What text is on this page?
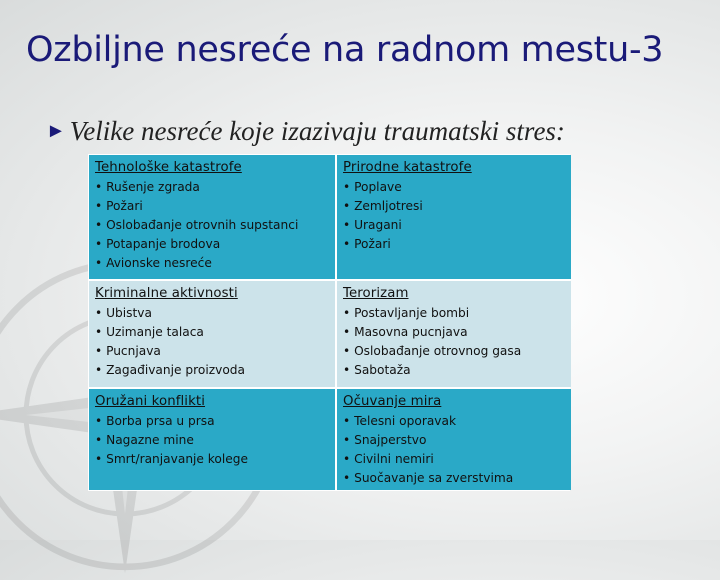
Ozbiljne nesreće na radnom mestu-3
► Velike nesreće koje izazivaju traumatski stres:
Tehnološke katastrofe
• Rušenje zgrada
• Požari
• Oslobađanje otrovnih supstanci
• Potapanje brodova
• Avionske nesreće
Prirodne katastrofe
• Poplave
• Zemljotresi
• Uragani
• Požari
Kriminalne aktivnosti
• Ubistva
• Uzimanje talaca
• Pucnjava
• Zagađivanje proizvoda
Terorizam
• Postavljanje bombi
• Masovna pucnjava
• Oslobađanje otrovnog gasa
• Sabotaža
Oružani konflikti
• Borba prsa u prsa
• Nagazne mine
• Smrt/ranjavanje kolege
Očuvanje mira
• Telesni oporavak
• Snajperstvo
• Civilni nemiri
• Suočavanje sa zverstvima
